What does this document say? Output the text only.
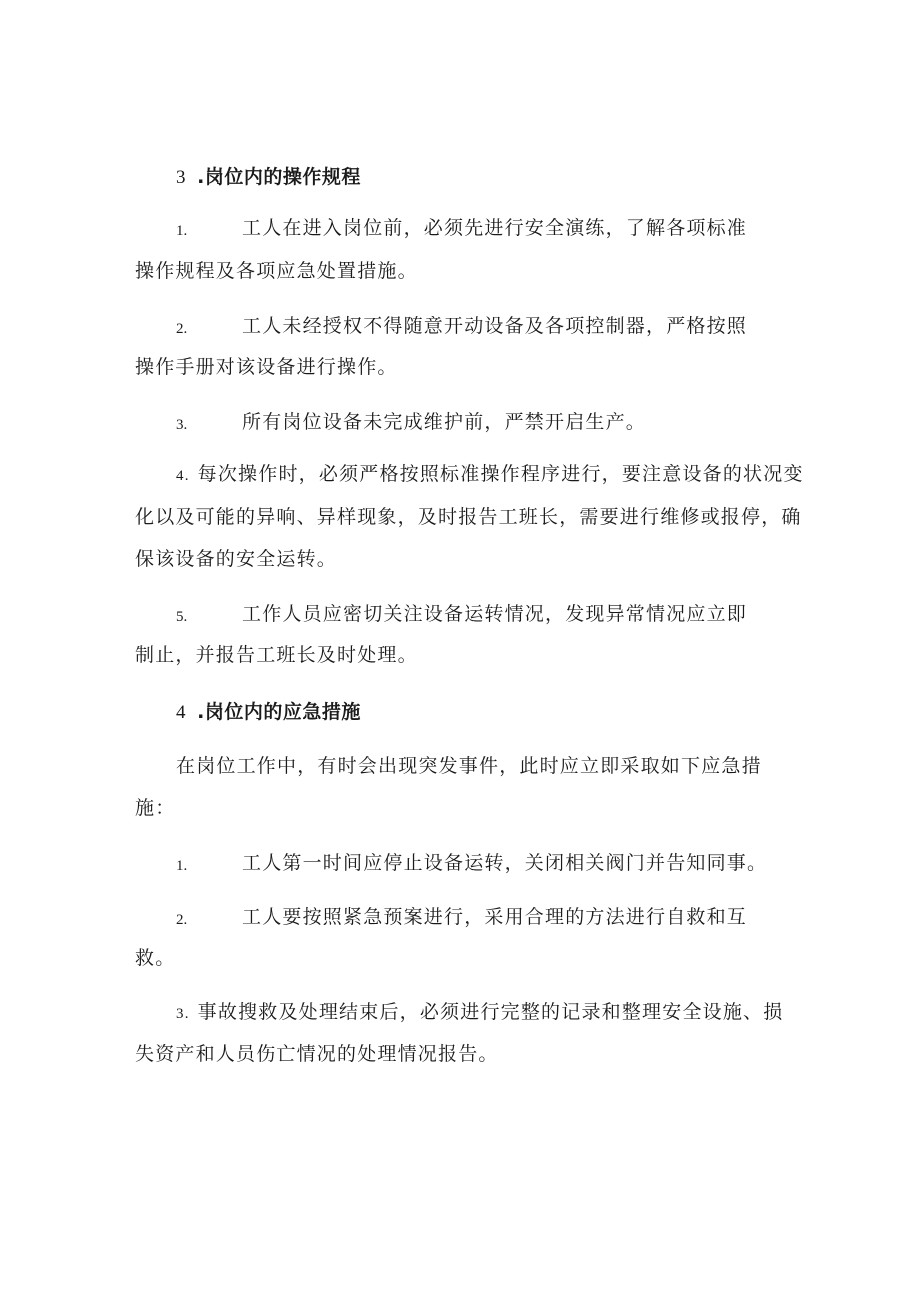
3 .岗位内的操作规程
1.	工人在进入岗位前，必须先进行安全演练，了解各项标准
操作规程及各项应急处置措施。
2.	工人未经授权不得随意开动设备及各项控制器，严格按照
操作手册对该设备进行操作。
3.	所有岗位设备未完成维护前，严禁开启生产。
4. 每次操作时，必须严格按照标准操作程序进行，要注意设备的状况变
化以及可能的异响、异样现象，及时报告工班长，需要进行维修或报停，确
保该设备的安全运转。
5.	工作人员应密切关注设备运转情况，发现异常情况应立即
制止，并报告工班长及时处理。
4 .岗位内的应急措施
在岗位工作中，有时会出现突发事件，此时应立即采取如下应急措
施：
1.	工人第一时间应停止设备运转，关闭相关阀门并告知同事。
2.	工人要按照紧急预案进行，采用合理的方法进行自救和互
救。
3. 事故搜救及处理结束后，必须进行完整的记录和整理安全设施、损
失资产和人员伤亡情况的处理情况报告。
